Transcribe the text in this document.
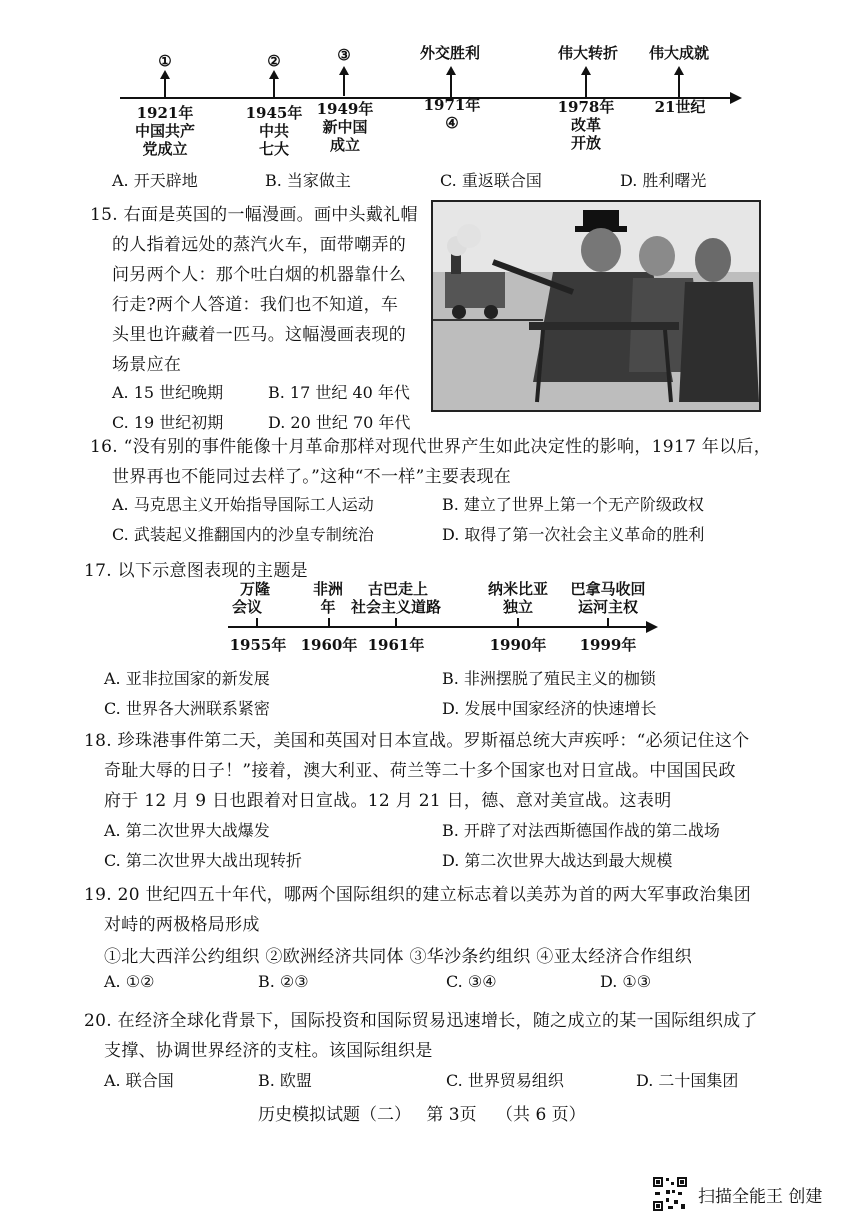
①
1921年
中国共产
党成立
②
1945年
中共
七大
③
1949年
新中国
成立
外交胜利
1971年
④
伟大转折
1978年
改革
开放
伟大成就
21世纪
A. 开天辟地	B. 当家做主	C. 重返联合国	D. 胜利曙光
15. 右面是英国的一幅漫画。画中头戴礼帽
的人指着远处的蒸汽火车，面带嘲弄的
问另两个人：那个吐白烟的机器靠什么
行走?两个人答道：我们也不知道，车
头里也许藏着一匹马。这幅漫画表现的
场景应在
A. 15 世纪晚期	B. 17 世纪 40 年代
C. 19 世纪初期	D. 20 世纪 70 年代
16. “没有别的事件能像十月革命那样对现代世界产生如此决定性的影响，1917 年以后，
世界再也不能同过去样了。”这种“不一样”主要表现在
A. 马克思主义开始指导国际工人运动	B. 建立了世界上第一个无产阶级政权
C. 武装起义推翻国内的沙皇专制统治	D. 取得了第一次社会主义革命的胜利
17. 以下示意图表现的主题是
万隆
会议
1955年
非洲
年
1960年
古巴走上
社会主义道路
1961年
纳米比亚
独立
1990年
巴拿马收回
运河主权
1999年
A. 亚非拉国家的新发展	B. 非洲摆脱了殖民主义的枷锁
C. 世界各大洲联系紧密	D. 发展中国家经济的快速增长
18. 珍珠港事件第二天，美国和英国对日本宣战。罗斯福总统大声疾呼：“必须记住这个
奇耻大辱的日子！”接着，澳大利亚、荷兰等二十多个国家也对日宣战。中国国民政
府于 12 月 9 日也跟着对日宣战。12 月 21 日，德、意对美宣战。这表明
A. 第二次世界大战爆发	B. 开辟了对法西斯德国作战的第二战场
C. 第二次世界大战出现转折	D. 第二次世界大战达到最大规模
19. 20 世纪四五十年代，哪两个国际组织的建立标志着以美苏为首的两大军事政治集团
对峙的两极格局形成
①北大西洋公约组织 ②欧洲经济共同体 ③华沙条约组织 ④亚太经济合作组织
A. ①②	B. ②③	C. ③④	D. ①③
20. 在经济全球化背景下，国际投资和国际贸易迅速增长，随之成立的某一国际组织成了
支撑、协调世界经济的支柱。该国际组织是
A. 联合国	B. 欧盟	C. 世界贸易组织	D. 二十国集团
历史模拟试题（二） 第 3页 （共 6 页）
扫描全能王 创建
